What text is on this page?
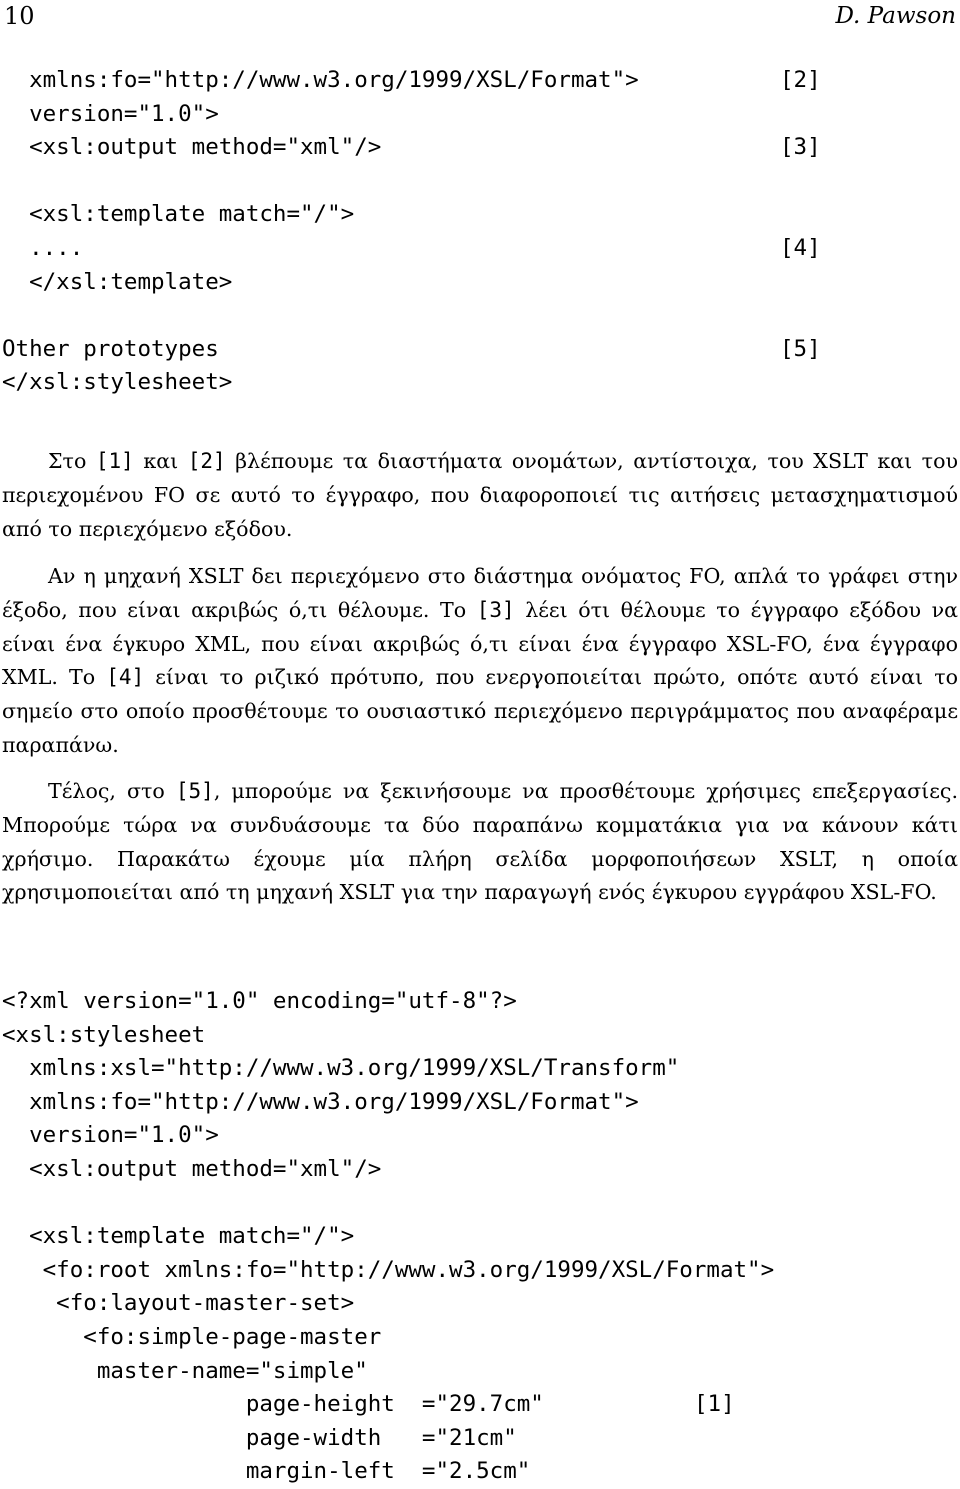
10	D. Pawson
xmlns:fo="http://www.w3.org/1999/XSL/Format">	[2]
version="1.0">
<xsl:output method="xml"/>	[3]
<xsl:template match="/">
....	[4]
</xsl:template>
Other prototypes	[5]
</xsl:stylesheet>

Στο [1] και [2] βλέπουμε τα διαστήματα ονομάτων, αντίστοιχα, του XSLT και του περιεχομένου FO σε αυτό το έγγραφο, που διαφοροποιεί τις αιτήσεις μετασχηματισμού από το περιεχόμενο εξόδου.

Αν η μηχανή XSLT δει περιεχόμενο στο διάστημα ονόματος FO, απλά το γράφει στην έξοδο, που είναι ακριβώς ό,τι θέλουμε. Το [3] λέει ότι θέλουμε το έγγραφο εξόδου να είναι ένα έγκυρο XML, που είναι ακριβώς ό,τι είναι ένα έγγραφο XSL-FO, ένα έγγραφο XML. Το [4] είναι το ριζικό πρότυπο, που ενεργοποιείται πρώτο, οπότε αυτό είναι το σημείο στο οποίο προσθέτουμε το ουσιαστικό περιεχόμενο περιγράμματος που αναφέραμε παραπάνω.

Τέλος, στο [5], μπορούμε να ξεκινήσουμε να προσθέτουμε χρήσιμες επεξεργασίες. Μπορούμε τώρα να συνδυάσουμε τα δύο παραπάνω κομματάκια για να κάνουν κάτι χρήσιμο. Παρακάτω έχουμε μία πλήρη σελίδα μορφοποιήσεων XSLT, η οποία χρησιμοποιείται από τη μηχανή XSLT για την παραγωγή ενός έγκυρου εγγράφου XSL-FO.

<?xml version="1.0" encoding="utf-8"?>
<xsl:stylesheet
xmlns:xsl="http://www.w3.org/1999/XSL/Transform"
xmlns:fo="http://www.w3.org/1999/XSL/Format">
version="1.0">
<xsl:output method="xml"/>
<xsl:template match="/">
<fo:root xmlns:fo="http://www.w3.org/1999/XSL/Format">
<fo:layout-master-set>
<fo:simple-page-master
master-name="simple"
page-height  ="29.7cm"	[1]
page-width   ="21cm"
margin-left  ="2.5cm"
